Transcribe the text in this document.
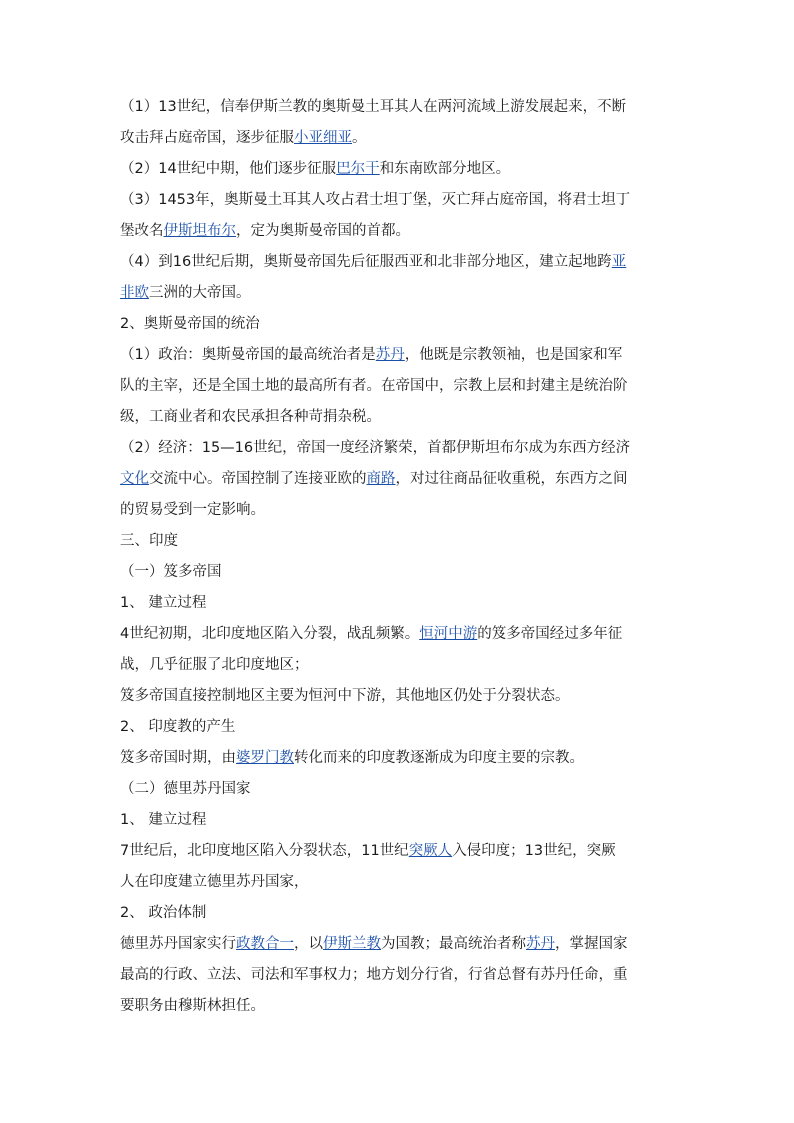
（1）13世纪，信奉伊斯兰教的奥斯曼土耳其人在两河流域上游发展起来，不断
攻击拜占庭帝国，逐步征服小亚细亚。
（2）14世纪中期，他们逐步征服巴尔干和东南欧部分地区。
（3）1453年，奥斯曼土耳其人攻占君士坦丁堡，灭亡拜占庭帝国，将君士坦丁
堡改名伊斯坦布尔，定为奥斯曼帝国的首都。
（4）到16世纪后期，奥斯曼帝国先后征服西亚和北非部分地区，建立起地跨亚
非欧三洲的大帝国。
2、奥斯曼帝国的统治
（1）政治：奥斯曼帝国的最高统治者是苏丹，他既是宗教领袖，也是国家和军
队的主宰，还是全国土地的最高所有者。在帝国中，宗教上层和封建主是统治阶
级，工商业者和农民承担各种苛捐杂税。
（2）经济：15—16世纪，帝国一度经济繁荣，首都伊斯坦布尔成为东西方经济
文化交流中心。帝国控制了连接亚欧的商路，对过往商品征收重税，东西方之间
的贸易受到一定影响。
三、印度
（一）笈多帝国
1、 建立过程
4世纪初期，北印度地区陷入分裂，战乱频繁。恒河中游的笈多帝国经过多年征
战，几乎征服了北印度地区；
笈多帝国直接控制地区主要为恒河中下游，其他地区仍处于分裂状态。
2、 印度教的产生
笈多帝国时期，由婆罗门教转化而来的印度教逐渐成为印度主要的宗教。
（二）德里苏丹国家
1、 建立过程
7世纪后，北印度地区陷入分裂状态，11世纪突厥人入侵印度；13世纪，突厥
人在印度建立德里苏丹国家，
2、 政治体制
德里苏丹国家实行政教合一，以伊斯兰教为国教；最高统治者称苏丹，掌握国家
最高的行政、立法、司法和军事权力；地方划分行省，行省总督有苏丹任命，重
要职务由穆斯林担任。
